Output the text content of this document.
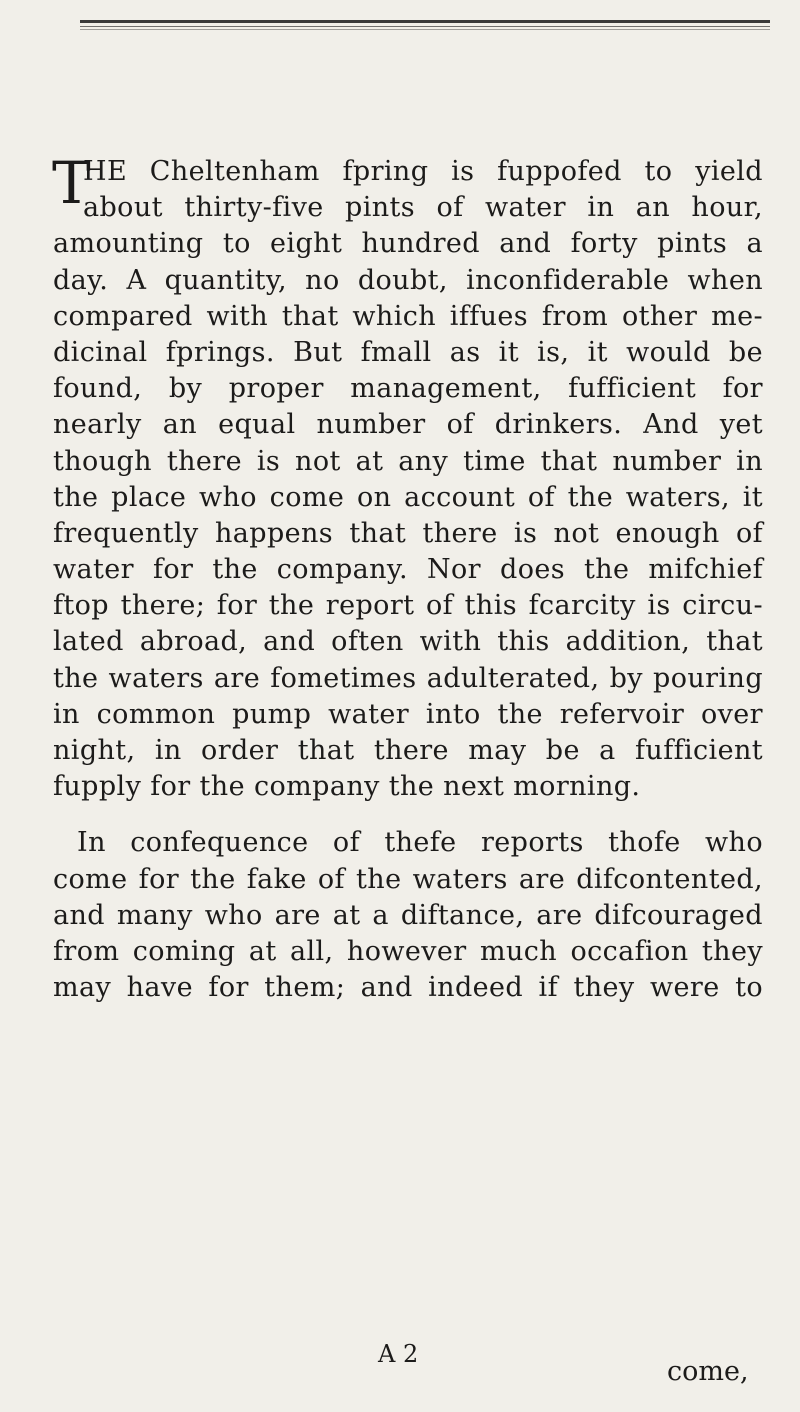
T
HE Cheltenham fpring is fuppofed to yield
about thirty-five pints of water in an hour,
amounting to eight hundred and forty pints a
day. A quantity, no doubt, inconfiderable when
compared with that which iffues from other me-
dicinal fprings. But fmall as it is, it would be
found, by proper management, fufficient for
nearly an equal number of drinkers. And yet
though there is not at any time that number in
the place who come on account of the waters, it
frequently happens that there is not enough of
water for the company. Nor does the mifchief
ftop there; for the report of this fcarcity is circu-
lated abroad, and often with this addition, that
the waters are fometimes adulterated, by pouring
in common pump water into the refervoir over
night, in order that there may be a fufficient
fupply for the company the next morning.
In confequence of thefe reports thofe who
come for the fake of the waters are difcontented,
and many who are at a diftance, are difcouraged
from coming at all, however much occafion they
may have for them; and indeed if they were to
A 2
come,
